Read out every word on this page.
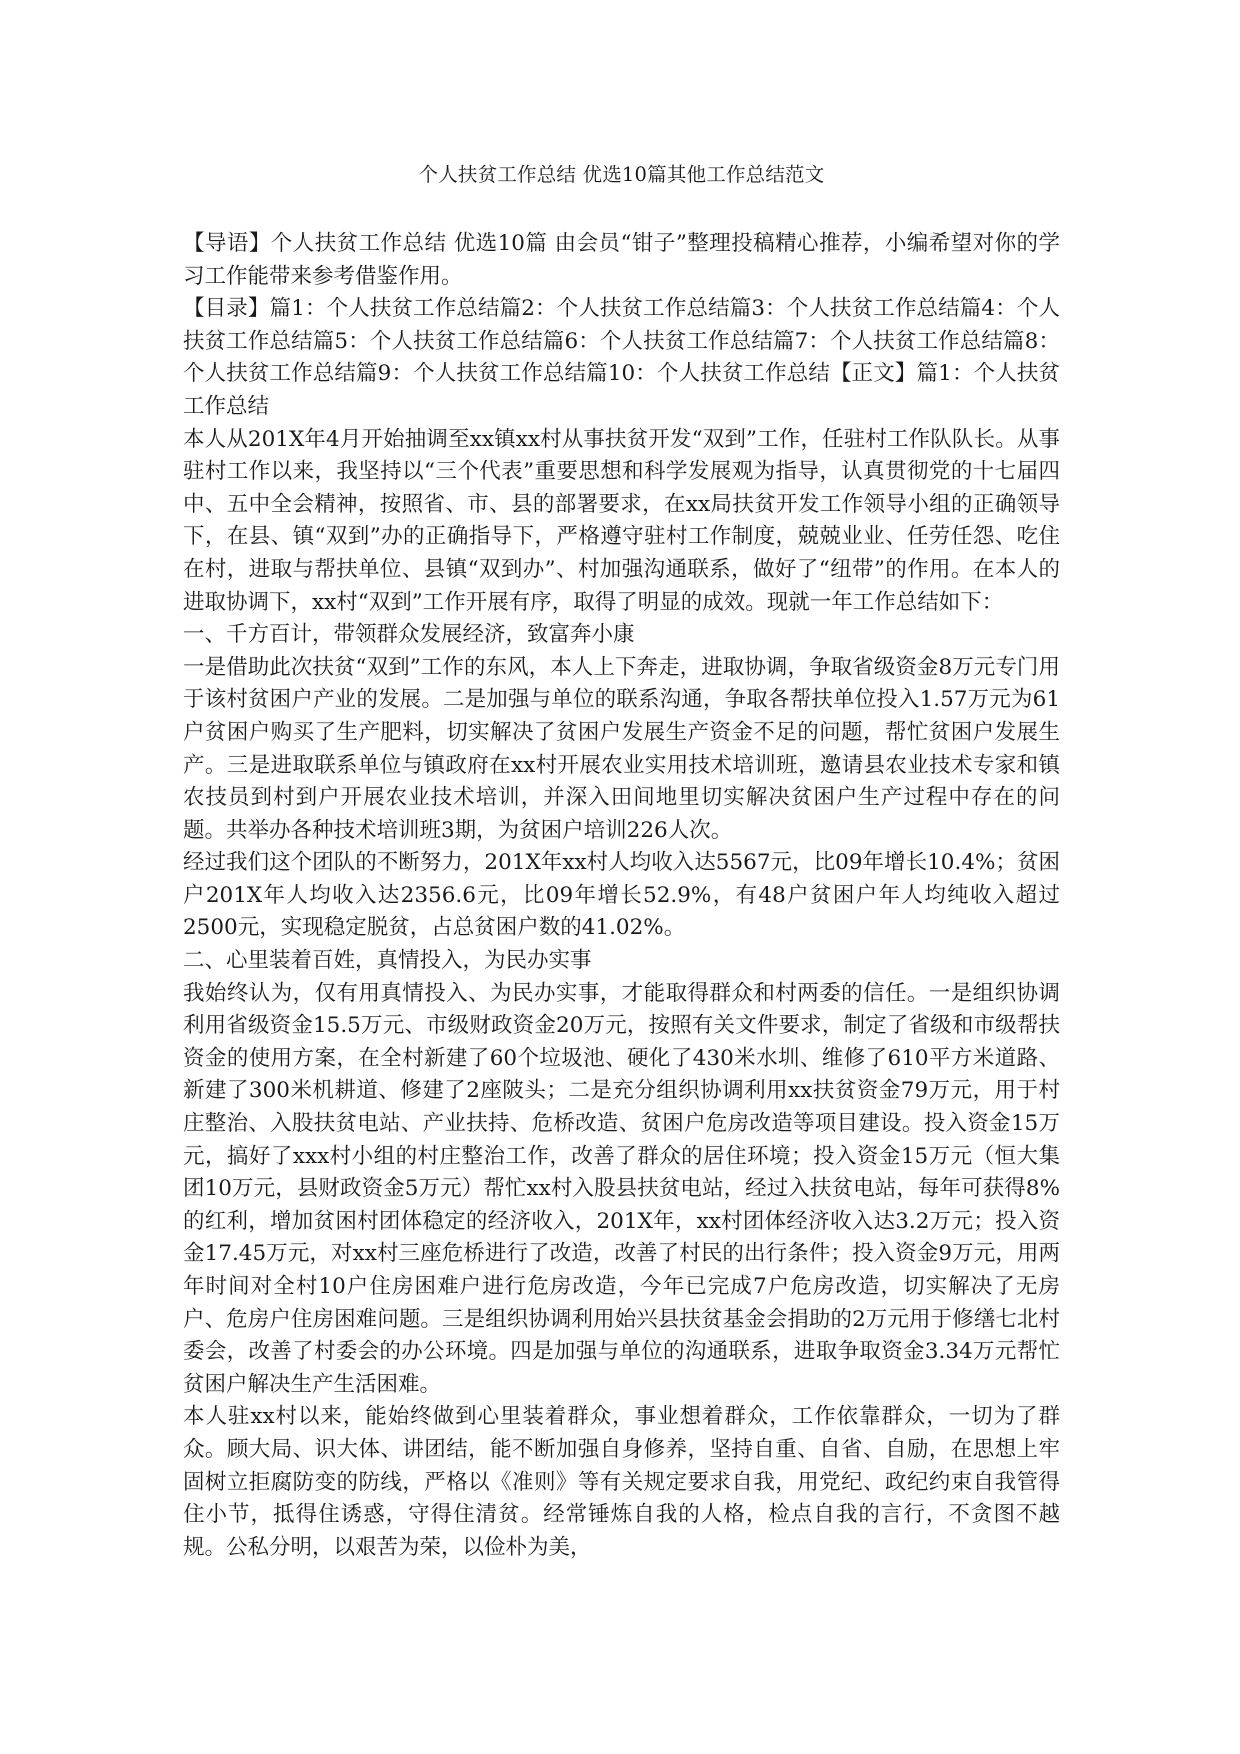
个人扶贫工作总结 优选10篇其他工作总结范文

【导语】个人扶贫工作总结 优选10篇 由会员“钳子”整理投稿精心推荐，小编希望对你的学习工作能带来参考借鉴作用。

【目录】篇1：个人扶贫工作总结篇2：个人扶贫工作总结篇3：个人扶贫工作总结篇4：个人扶贫工作总结篇5：个人扶贫工作总结篇6：个人扶贫工作总结篇7：个人扶贫工作总结篇8：个人扶贫工作总结篇9：个人扶贫工作总结篇10：个人扶贫工作总结【正文】篇1：个人扶贫工作总结

本人从201X年4月开始抽调至xx镇xx村从事扶贫开发“双到”工作，任驻村工作队队长。从事驻村工作以来，我坚持以“三个代表”重要思想和科学发展观为指导，认真贯彻党的十七届四中、五中全会精神，按照省、市、县的部署要求，在xx局扶贫开发工作领导小组的正确领导下，在县、镇“双到”办的正确指导下，严格遵守驻村工作制度，兢兢业业、任劳任怨、吃住在村，进取与帮扶单位、县镇“双到办”、村加强沟通联系，做好了“纽带”的作用。在本人的进取协调下，xx村“双到”工作开展有序，取得了明显的成效。现就一年工作总结如下：

一、千方百计，带领群众发展经济，致富奔小康

一是借助此次扶贫“双到”工作的东风，本人上下奔走，进取协调，争取省级资金8万元专门用于该村贫困户产业的发展。二是加强与单位的联系沟通，争取各帮扶单位投入1.57万元为61户贫困户购买了生产肥料，切实解决了贫困户发展生产资金不足的问题，帮忙贫困户发展生产。三是进取联系单位与镇政府在xx村开展农业实用技术培训班，邀请县农业技术专家和镇农技员到村到户开展农业技术培训，并深入田间地里切实解决贫困户生产过程中存在的问题。共举办各种技术培训班3期，为贫困户培训226人次。

经过我们这个团队的不断努力，201X年xx村人均收入达5567元，比09年增长10.4%；贫困户201X年人均收入达2356.6元，比09年增长52.9%，有48户贫困户年人均纯收入超过2500元，实现稳定脱贫，占总贫困户数的41.02%。

二、心里装着百姓，真情投入，为民办实事

我始终认为，仅有用真情投入、为民办实事，才能取得群众和村两委的信任。一是组织协调利用省级资金15.5万元、市级财政资金20万元，按照有关文件要求，制定了省级和市级帮扶资金的使用方案，在全村新建了60个垃圾池、硬化了430米水圳、维修了610平方米道路、新建了300米机耕道、修建了2座陂头；二是充分组织协调利用xx扶贫资金79万元，用于村庄整治、入股扶贫电站、产业扶持、危桥改造、贫困户危房改造等项目建设。投入资金15万元，搞好了xxx村小组的村庄整治工作，改善了群众的居住环境；投入资金15万元（恒大集团10万元，县财政资金5万元）帮忙xx村入股县扶贫电站，经过入扶贫电站，每年可获得8%的红利，增加贫困村团体稳定的经济收入，201X年，xx村团体经济收入达3.2万元；投入资金17.45万元，对xx村三座危桥进行了改造，改善了村民的出行条件；投入资金9万元，用两年时间对全村10户住房困难户进行危房改造，今年已完成7户危房改造，切实解决了无房户、危房户住房困难问题。三是组织协调利用始兴县扶贫基金会捐助的2万元用于修缮七北村委会，改善了村委会的办公环境。四是加强与单位的沟通联系，进取争取资金3.34万元帮忙贫困户解决生产生活困难。

本人驻xx村以来，能始终做到心里装着群众，事业想着群众，工作依靠群众，一切为了群众。顾大局、识大体、讲团结，能不断加强自身修养，坚持自重、自省、自励，在思想上牢固树立拒腐防变的防线，严格以《准则》等有关规定要求自我，用党纪、政纪约束自我管得住小节，抵得住诱惑，守得住清贫。经常锤炼自我的人格，检点自我的言行，不贪图不越规。公私分明，以艰苦为荣，以俭朴为美，
